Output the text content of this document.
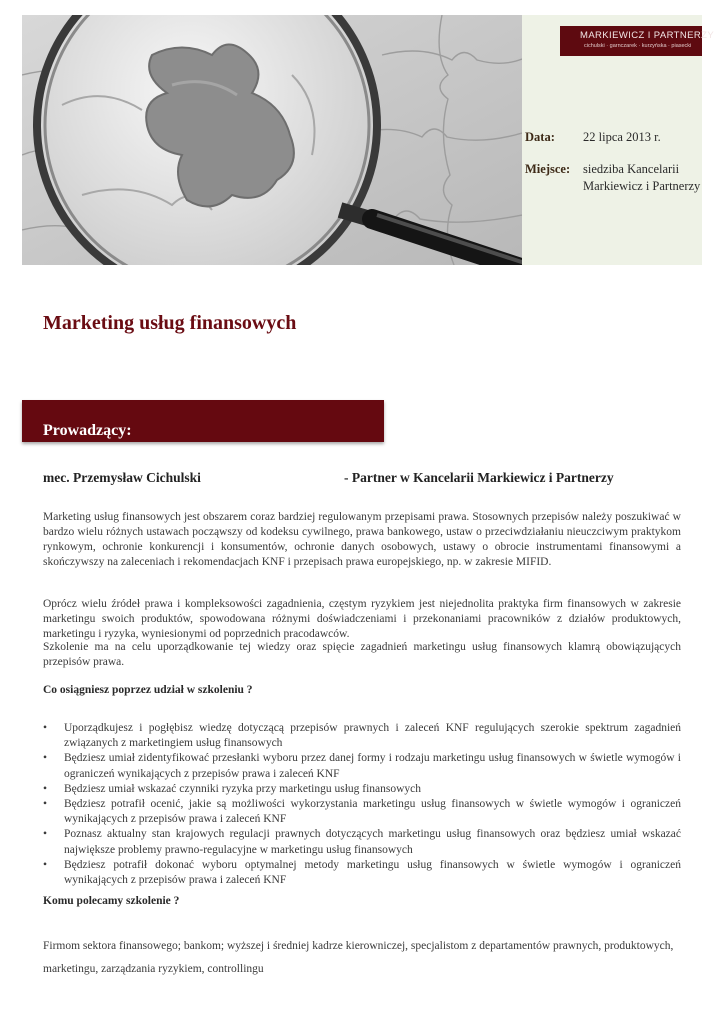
MARKIEWICZ I PARTNERZY
cichulski · garnczarek · kurzyńska · piasecki
Data: 22 lipca 2013 r.
Miejsce: siedziba Kancelarii
Markiewicz i Partnerzy
Marketing usług finansowych
Prowadzący:
mec. Przemysław Cichulski	- Partner w Kancelarii Markiewicz i Partnerzy

Marketing usług finansowych jest obszarem coraz bardziej regulowanym przepisami prawa. Stosownych przepisów należy poszukiwać w bardzo wielu różnych ustawach począwszy od kodeksu cywilnego, prawa bankowego, ustaw o przeciwdziałaniu nieuczciwym praktykom rynkowym, ochronie konkurencji i konsumentów, ochronie danych osobowych, ustawy o obrocie instrumentami finansowymi a skończywszy na zaleceniach i rekomendacjach KNF i przepisach prawa europejskiego, np. w zakresie MIFID.

Oprócz wielu źródeł prawa i kompleksowości zagadnienia, częstym ryzykiem jest niejednolita praktyka firm finansowych w zakresie marketingu swoich produktów, spowodowana różnymi doświadczeniami i przekonaniami pracowników z działów produktowych, marketingu i ryzyka, wyniesionymi od poprzednich pracodawców.

Szkolenie ma na celu uporządkowanie tej wiedzy oraz spięcie zagadnień marketingu usług finansowych klamrą obowiązujących przepisów prawa.

Co osiągniesz poprzez udział w szkoleniu ?
• Uporządkujesz i pogłębisz wiedzę dotyczącą przepisów prawnych i zaleceń KNF regulujących szerokie spektrum zagadnień związanych z marketingiem usług finansowych
• Będziesz umiał zidentyfikować przesłanki wyboru przez danej formy i rodzaju marketingu usług finansowych w świetle wymogów i ograniczeń wynikających z przepisów prawa i zaleceń KNF
• Będziesz umiał wskazać czynniki ryzyka przy marketingu usług finansowych
• Będziesz potrafił ocenić, jakie są możliwości wykorzystania marketingu usług finansowych w świetle wymogów i ograniczeń wynikających z przepisów prawa i zaleceń KNF
• Poznasz aktualny stan krajowych regulacji prawnych dotyczących marketingu usług finansowych oraz będziesz umiał wskazać największe problemy prawno-regulacyjne w marketingu usług finansowych
• Będziesz potrafił dokonać wyboru optymalnej metody marketingu usług finansowych w świetle wymogów i ograniczeń wynikających z przepisów prawa i zaleceń KNF
Komu polecamy szkolenie ?

Firmom sektora finansowego; bankom; wyższej i średniej kadrze kierowniczej, specjalistom z departamentów prawnych, produktowych, marketingu, zarządzania ryzykiem, controllingu
